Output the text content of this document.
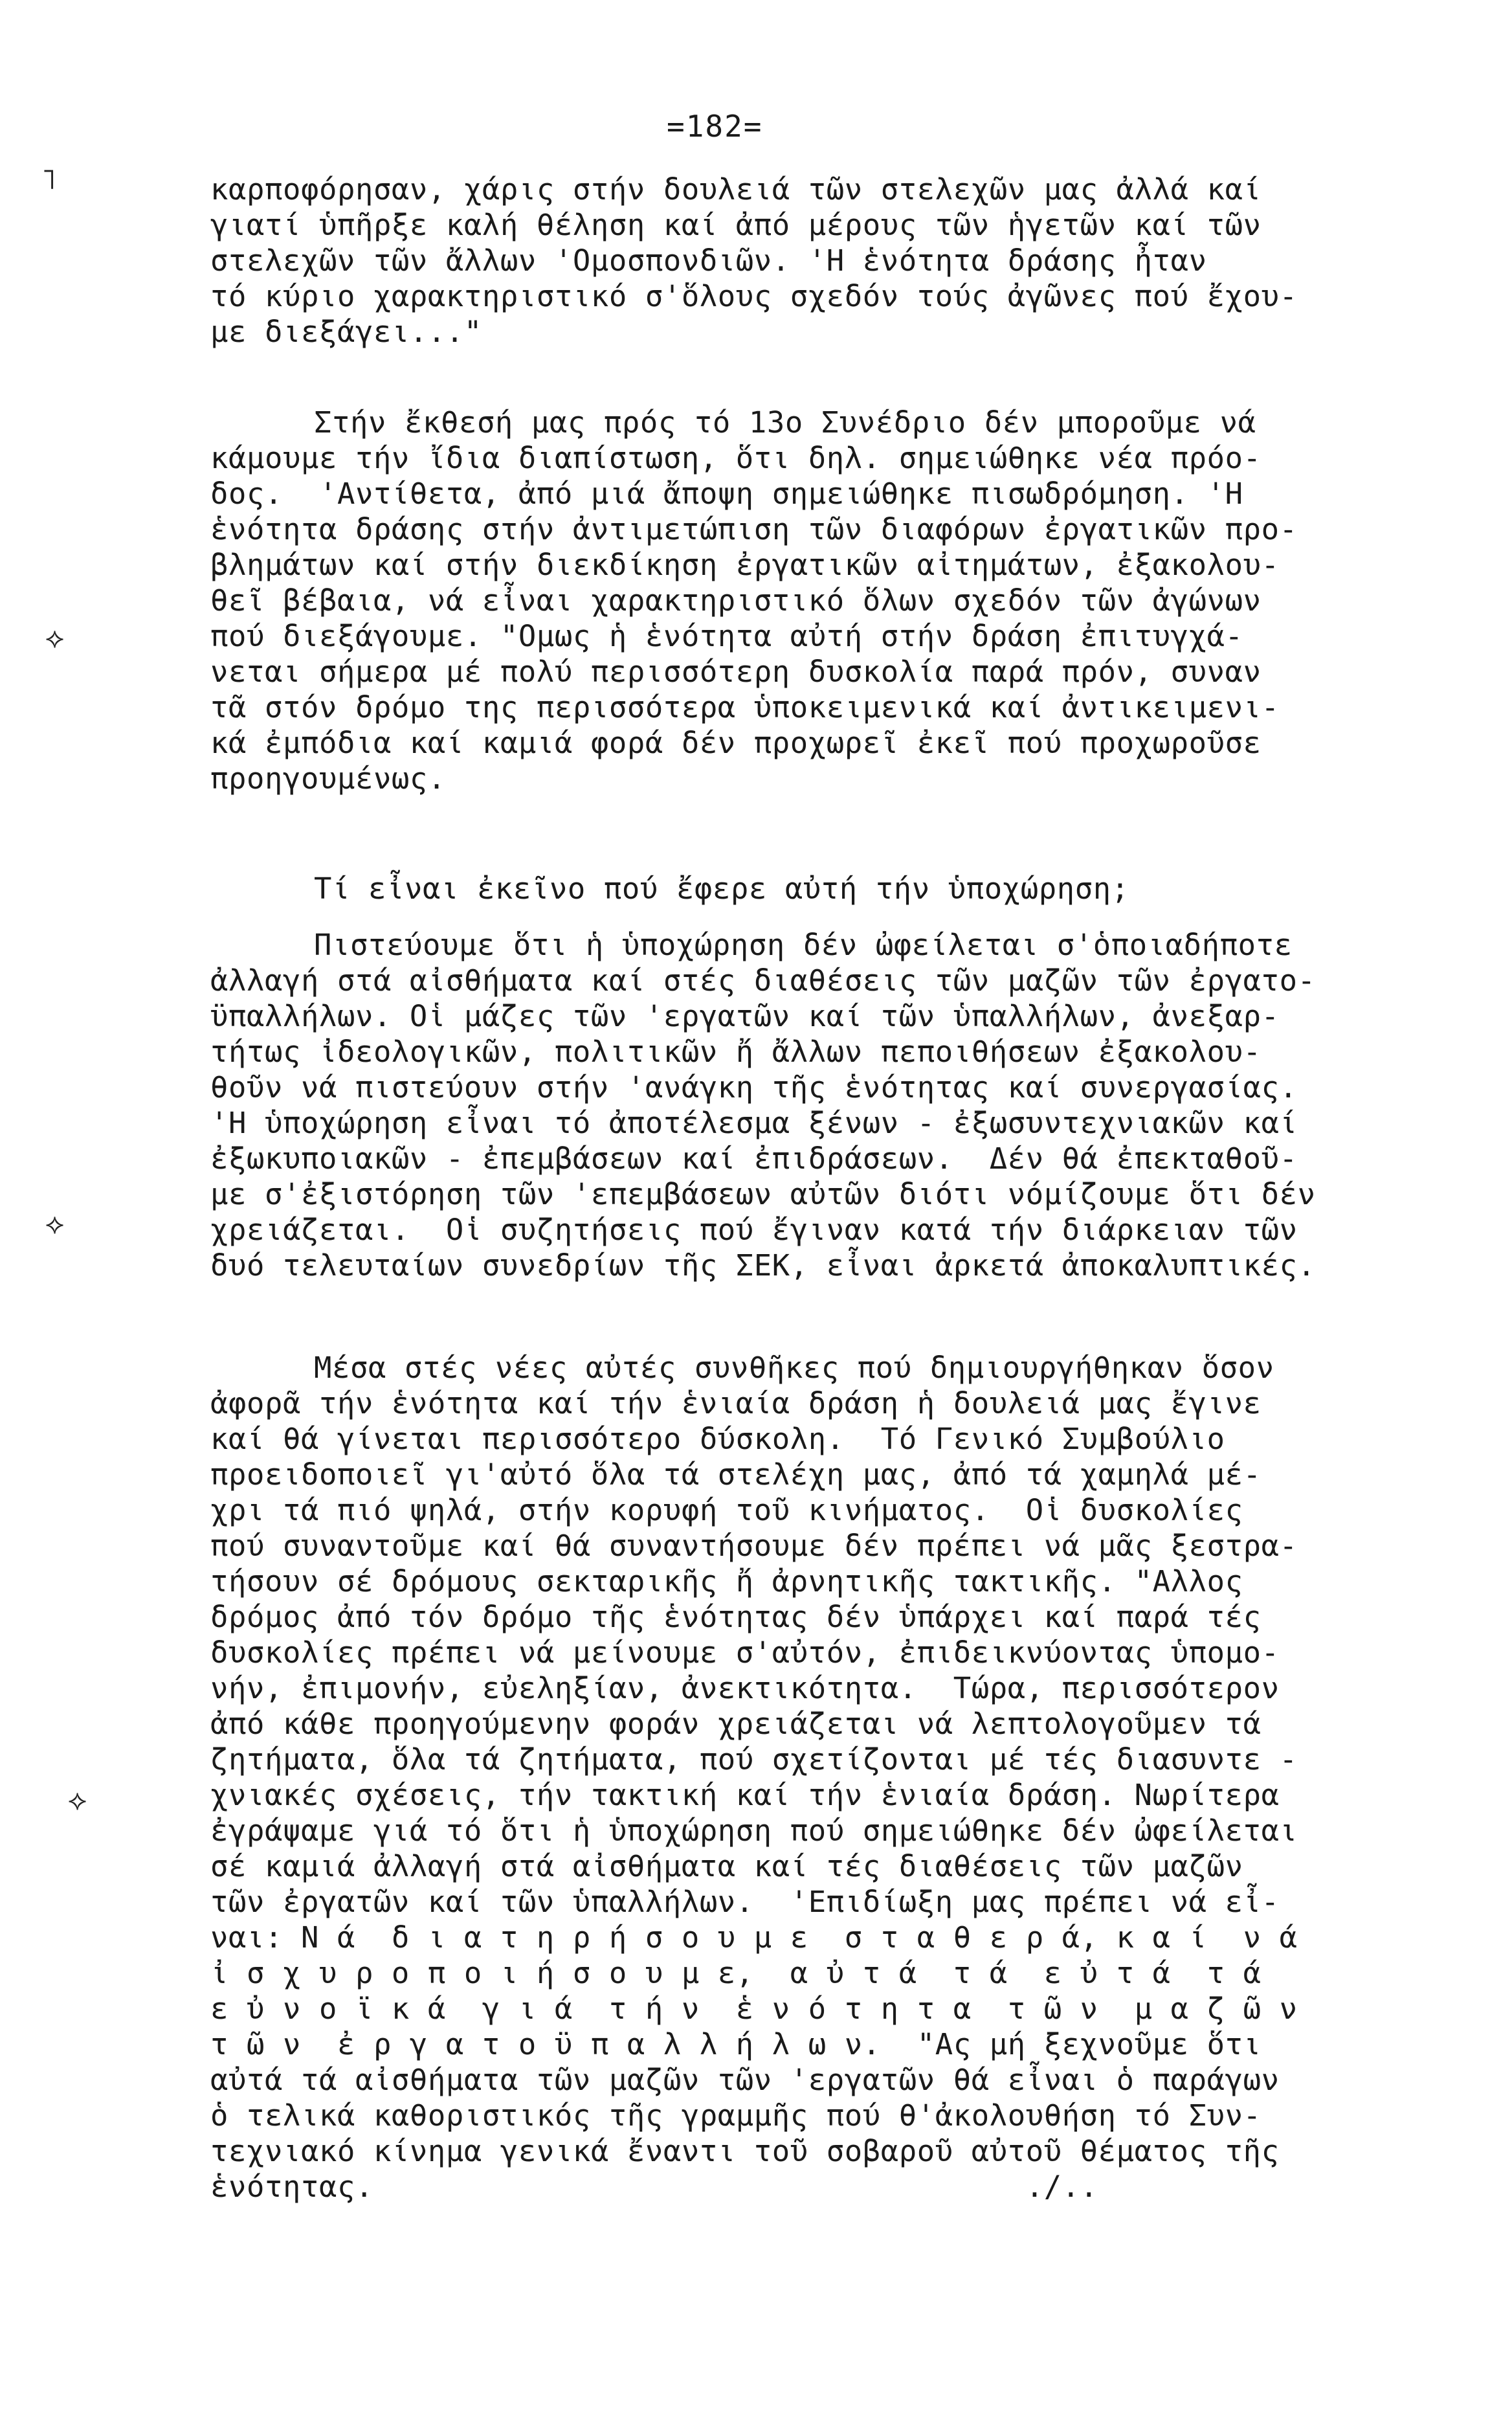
=182=
˥
⟡
⟡
⟡
καρποφόρησαν, χάρις στήν δουλειά τῶν στελεχῶν μας ἀλλά καί
γιατί ὑπῆρξε καλή θέληση καί ἀπό μέρους τῶν ἡγετῶν καί τῶν
στελεχῶν τῶν ἄλλων 'Ομοσπονδιῶν. 'Η ἑνότητα δράσης ἦταν
τό κύριο χαρακτηριστικό σ'ὅλους σχεδόν τούς ἀγῶνες πού ἔχου-
με διεξάγει..."
Στήν ἔκθεσή μας πρός τό 13ο Συνέδριο δέν μποροῦμε νά
κάμουμε τήν ἴδια διαπίστωση, ὅτι δηλ. σημειώθηκε νέα πρόο-
δος.  'Αντίθετα, ἀπό μιά ἄποψη σημειώθηκε πισωδρόμηση. 'Η
ἑνότητα δράσης στήν ἀντιμετώπιση τῶν διαφόρων ἐργατικῶν προ-
βλημάτων καί στήν διεκδίκηση ἐργατικῶν αἰτημάτων, ἐξακολου-
θεῖ βέβαια, νά εἶναι χαρακτηριστικό ὅλων σχεδόν τῶν ἀγώνων
πού διεξάγουμε. "Ομως ἡ ἑνότητα αὐτή στήν δράση ἐπιτυγχά-
νεται σήμερα μέ πολύ περισσότερη δυσκολία παρά πρόν, συναν
τᾶ στόν δρόμο της περισσότερα ὑποκειμενικά καί ἀντικειμενι-
κά ἐμπόδια καί καμιά φορά δέν προχωρεῖ ἐκεῖ πού προχωροῦσε
προηγουμένως.
Τί εἶναι ἐκεῖνο πού ἔφερε αὐτή τήν ὑποχώρηση;
Πιστεύουμε ὅτι ἡ ὑποχώρηση δέν ὠφείλεται σ'ὁποιαδήποτε
ἀλλαγή στά αἰσθήματα καί στές διαθέσεις τῶν μαζῶν τῶν ἐργατο-
ϋπαλλήλων. Οἱ μάζες τῶν 'εργατῶν καί τῶν ὑπαλλήλων, ἀνεξαρ-
τήτως ἰδεολογικῶν, πολιτικῶν ἤ ἄλλων πεποιθήσεων ἐξακολου-
θοῦν νά πιστεύουν στήν 'ανάγκη τῆς ἑνότητας καί συνεργασίας.
'Η ὑποχώρηση εἶναι τό ἀποτέλεσμα ξένων - ἐξωσυντεχνιακῶν καί
ἐξωκυποιακῶν - ἐπεμβάσεων καί ἐπιδράσεων.  Δέν θά ἐπεκταθοῦ-
με σ'ἐξιστόρηση τῶν 'επεμβάσεων αὐτῶν διότι νόμίζουμε ὅτι δέν
χρειάζεται.  Οἱ συζητήσεις πού ἔγιναν κατά τήν διάρκειαν τῶν
δυό τελευταίων συνεδρίων τῆς ΣΕΚ, εἶναι ἀρκετά ἀποκαλυπτικές.
Μέσα στές νέες αὐτές συνθῆκες πού δημιουργήθηκαν ὅσον
ἀφορᾶ τήν ἑνότητα καί τήν ἑνιαία δράση ἡ δουλειά μας ἔγινε
καί θά γίνεται περισσότερο δύσκολη.  Τό Γενικό Συμβούλιο
προειδοποιεῖ γι'αὐτό ὅλα τά στελέχη μας, ἀπό τά χαμηλά μέ-
χρι τά πιό ψηλά, στήν κορυφή τοῦ κινήματος.  Οἱ δυσκολίες
πού συναντοῦμε καί θά συναντήσουμε δέν πρέπει νά μᾶς ξεστρα-
τήσουν σέ δρόμους σεκταρικῆς ἤ ἀρνητικῆς τακτικῆς. "Αλλος
δρόμος ἀπό τόν δρόμο τῆς ἑνότητας δέν ὑπάρχει καί παρά τές
δυσκολίες πρέπει νά μείνουμε σ'αὐτόν, ἐπιδεικνύοντας ὑπομο-
νήν, ἐπιμονήν, εὐεληξίαν, ἀνεκτικότητα.  Τώρα, περισσότερον
ἀπό κάθε προηγούμενην φοράν χρειάζεται νά λεπτολογοῦμεν τά
ζητήματα, ὅλα τά ζητήματα, πού σχετίζονται μέ τές διασυντε -
χνιακές σχέσεις, τήν τακτική καί τήν ἑνιαία δράση. Νωρίτερα
ἐγράψαμε γιά τό ὅτι ἡ ὑποχώρηση πού σημειώθηκε δέν ὠφείλεται
σέ καμιά ἀλλαγή στά αἰσθήματα καί τές διαθέσεις τῶν μαζῶν
τῶν ἐργατῶν καί τῶν ὑπαλλήλων.  'Επιδίωξη μας πρέπει νά εἶ-
ναι: Ν ά  δ ι α τ η ρ ή σ ο υ μ ε  σ τ α θ ε ρ ά, κ α ί  ν ά
ἰ σ χ υ ρ ο π ο ι ή σ ο υ μ ε,  α ὐ τ ά  τ ά  ε ὐ τ ά  τ ά
ε ὐ ν ο ϊ κ ά  γ ι ά  τ ή ν  ἑ ν ό τ η τ α  τ ῶ ν  μ α ζ ῶ ν
τ ῶ ν  ἐ ρ γ α τ ο ϋ π α λ λ ή λ ω ν.  "Ας μή ξεχνοῦμε ὅτι
αὐτά τά αἰσθήματα τῶν μαζῶν τῶν 'εργατῶν θά εἶναι ὁ παράγων
ὁ τελικά καθοριστικός τῆς γραμμῆς πού θ'ἀκολουθήση τό Συν-
τεχνιακό κίνημα γενικά ἔναντι τοῦ σοβαροῦ αὐτοῦ θέματος τῆς
ἑνότητας.                                    ./..
